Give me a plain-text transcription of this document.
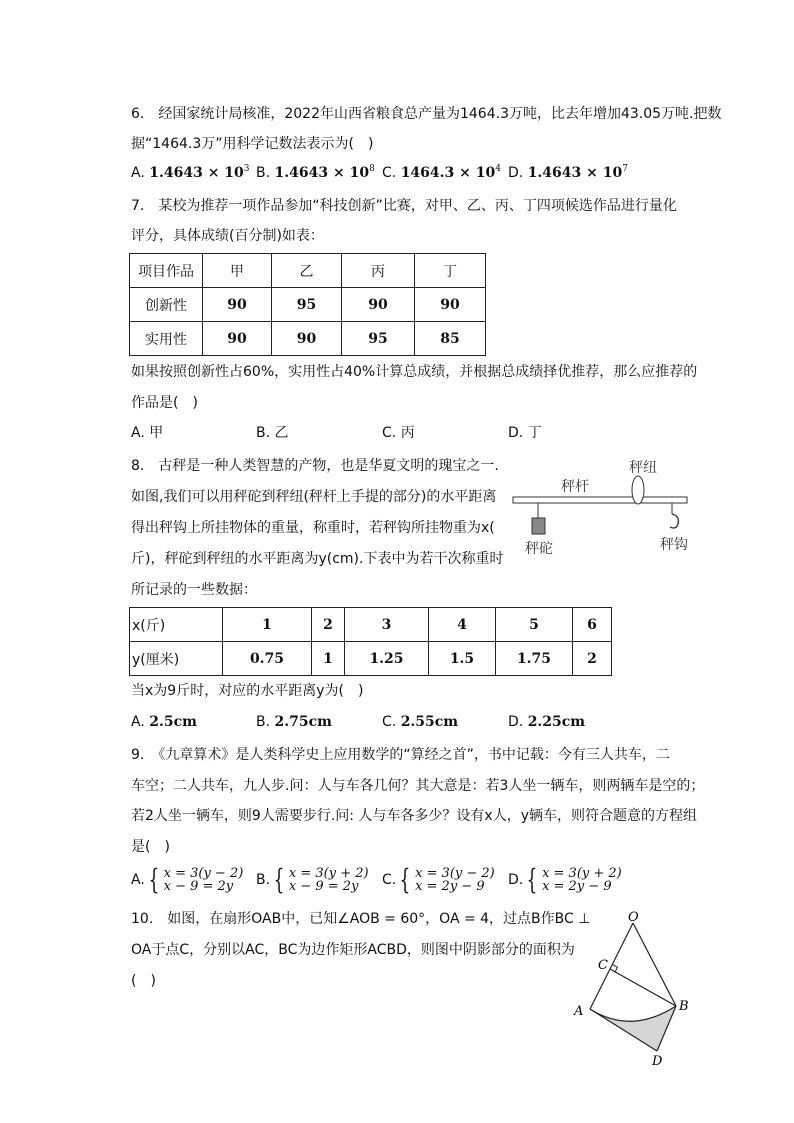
6.　经国家统计局核准，2022年山西省粮食总产量为1464.3万吨，比去年增加43.05万吨.把数
据“1464.3万”用科学记数法表示为(　)
A. $1.4643 \times 10^3$ B. $1.4643 \times 10^8$ C. $1464.3 \times 10^4$ D. $1.4643 \times 10^7$
7.　某校为推荐一项作品参加“科技创新”比赛，对甲、乙、丙、丁四项候选作品进行量化
评分，具体成绩(百分制)如表：
项目作品	甲	乙	丙	丁
创新性	90	95	90	90
实用性	90	90	95	85
如果按照创新性占60%，实用性占40%计算总成绩，并根据总成绩择优推荐，那么应推荐的
作品是(　)
A. 甲	B. 乙	C. 丙	D. 丁
8.　古秤是一种人类智慧的产物，也是华夏文明的瑰宝之一.
如图,我们可以用秤砣到秤纽(秤杆上手提的部分)的水平距离
得出秤钩上所挂物体的重量，称重时，若秤钩所挂物重为x(
斤)，秤砣到秤纽的水平距离为y(cm).下表中为若干次称重时
所记录的一些数据：
秤纽
秤杆
秤砣	秤钩
x(斤)	1	2	3	4	5	6
y(厘米)	0.75	1	1.25	1.5	1.75	2
当x为9斤时，对应的水平距离y为(　)
A. 2.5cm	B. 2.75cm	C. 2.55cm	D. 2.25cm
9.　《九章算术》是人类科学史上应用数学的“算经之首”，书中记载：今有三人共车，二
车空；二人共车，九人步.问：人与车各几何？其大意是：若3人坐一辆车，则两辆车是空的；
若2人坐一辆车，则9人需要步行.问: 人与车各多少？设有x人，y辆车，则符合题意的方程组
是(　)
A. { x = 3(y − 2)
x − 9 = 2y	B. { x = 3(y + 2)
x − 9 = 2y	C. { x = 3(y − 2)
x = 2y − 9	D. { x = 3(y + 2)
x = 2y − 9
10.　如图，在扇形OAB中，已知∠AOB = 60°，OA = 4，过点B作BC ⊥
OA于点C，分别以AC，BC为边作矩形ACBD，则图中阴影部分的面积为
(　)
O
C
A	B
D
